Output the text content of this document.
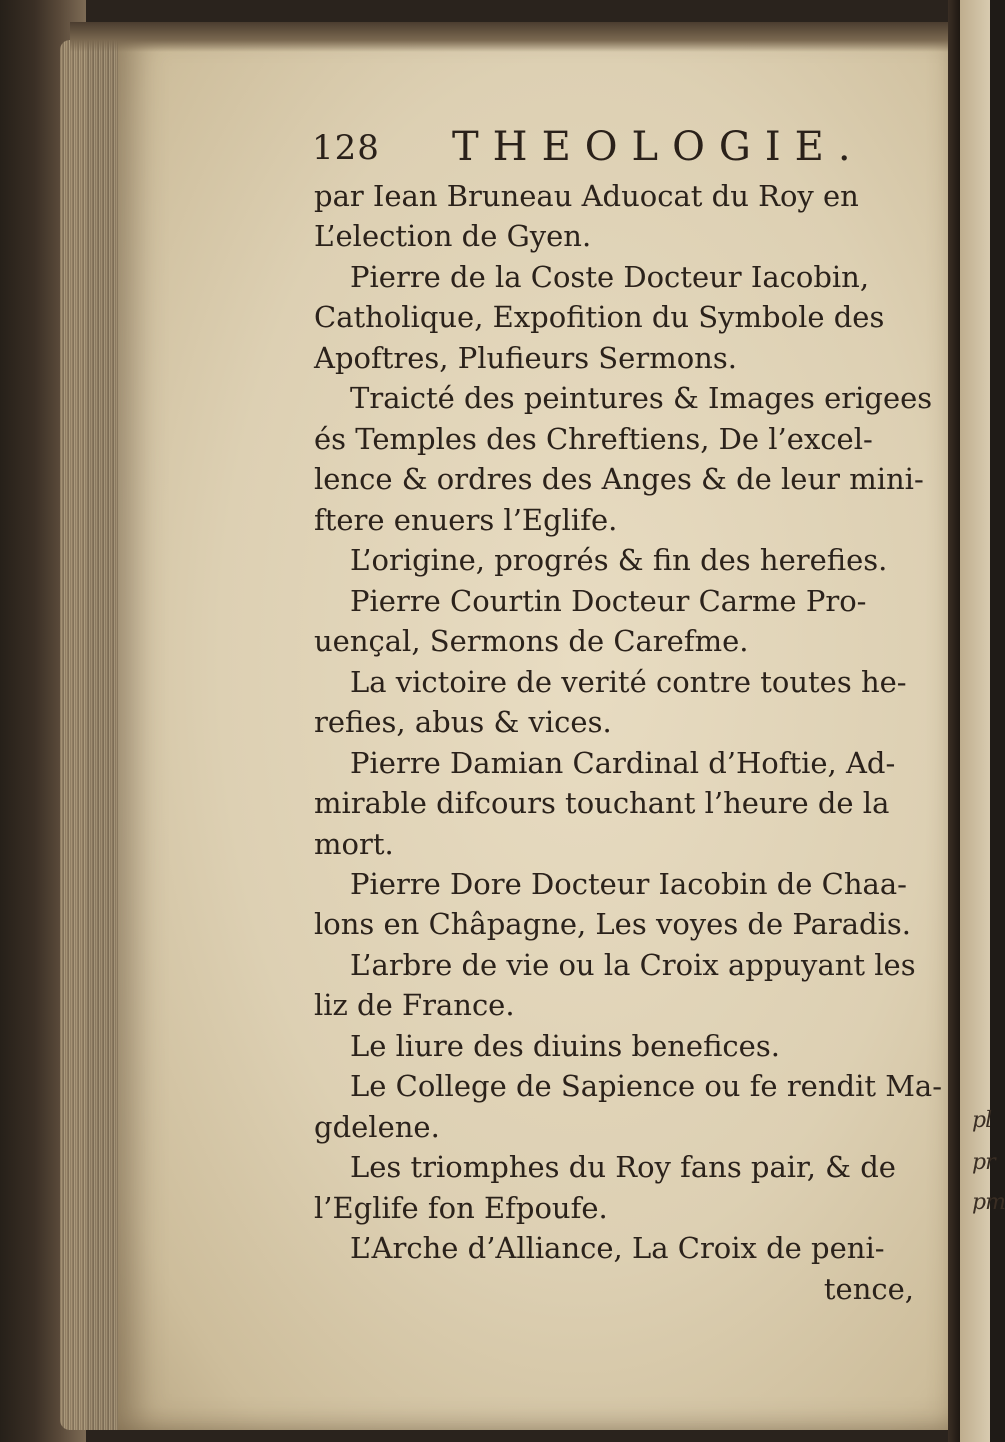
pl
pr
pm
128 THEOLOGIE.
par Iean Bruneau Aduocat du Roy en
L’election de Gyen.
Pierre de la Coste Docteur Iacobin,
Catholique, Expofition du Symbole des
Apoftres, Plufieurs Sermons.
Traicté des peintures & Images erigees
és Temples des Chreftiens, De l’excel-
lence & ordres des Anges & de leur mini-
ftere enuers l’Eglife.
L’origine, progrés & fin des herefies.
Pierre Courtin Docteur Carme Pro-
uençal, Sermons de Carefme.
La victoire de verité contre toutes he-
refies, abus & vices.
Pierre Damian Cardinal d’Hoftie, Ad-
mirable difcours touchant l’heure de la
mort.
Pierre Dore Docteur Iacobin de Chaa-
lons en Châpagne, Les voyes de Paradis.
L’arbre de vie ou la Croix appuyant les
liz de France.
Le liure des diuins benefices.
Le College de Sapience ou fe rendit Ma-
gdelene.
Les triomphes du Roy fans pair, & de
l’Eglife fon Efpoufe.
L’Arche d’Alliance, La Croix de peni-
tence,
